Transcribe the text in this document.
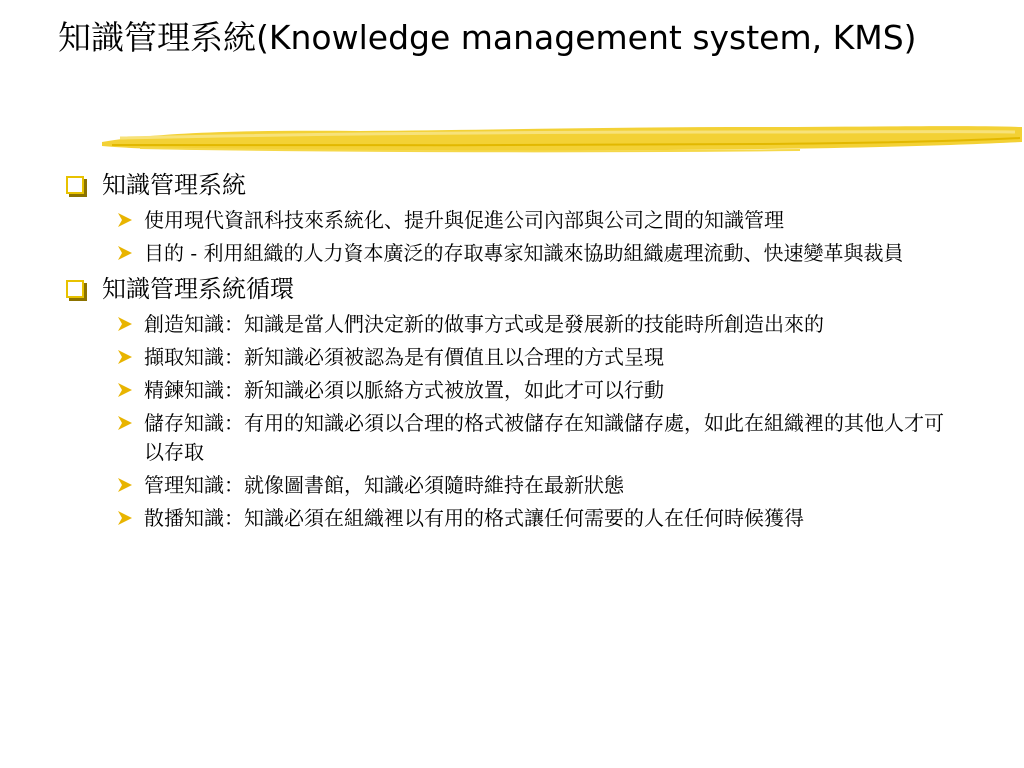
知識管理系統(Knowledge management system, KMS)
知識管理系統
使用現代資訊科技來系統化、提升與促進公司內部與公司之間的知識管理
目的 - 利用組織的人力資本廣泛的存取專家知識來協助組織處理流動、快速變革與裁員
知識管理系統循環
創造知識：知識是當人們決定新的做事方式或是發展新的技能時所創造出來的
擷取知識：新知識必須被認為是有價值且以合理的方式呈現
精鍊知識：新知識必須以脈絡方式被放置，如此才可以行動
儲存知識：有用的知識必須以合理的格式被儲存在知識儲存處，如此在組織裡的其他人才可以存取
管理知識：就像圖書館，知識必須隨時維持在最新狀態
散播知識：知識必須在組織裡以有用的格式讓任何需要的人在任何時候獲得
